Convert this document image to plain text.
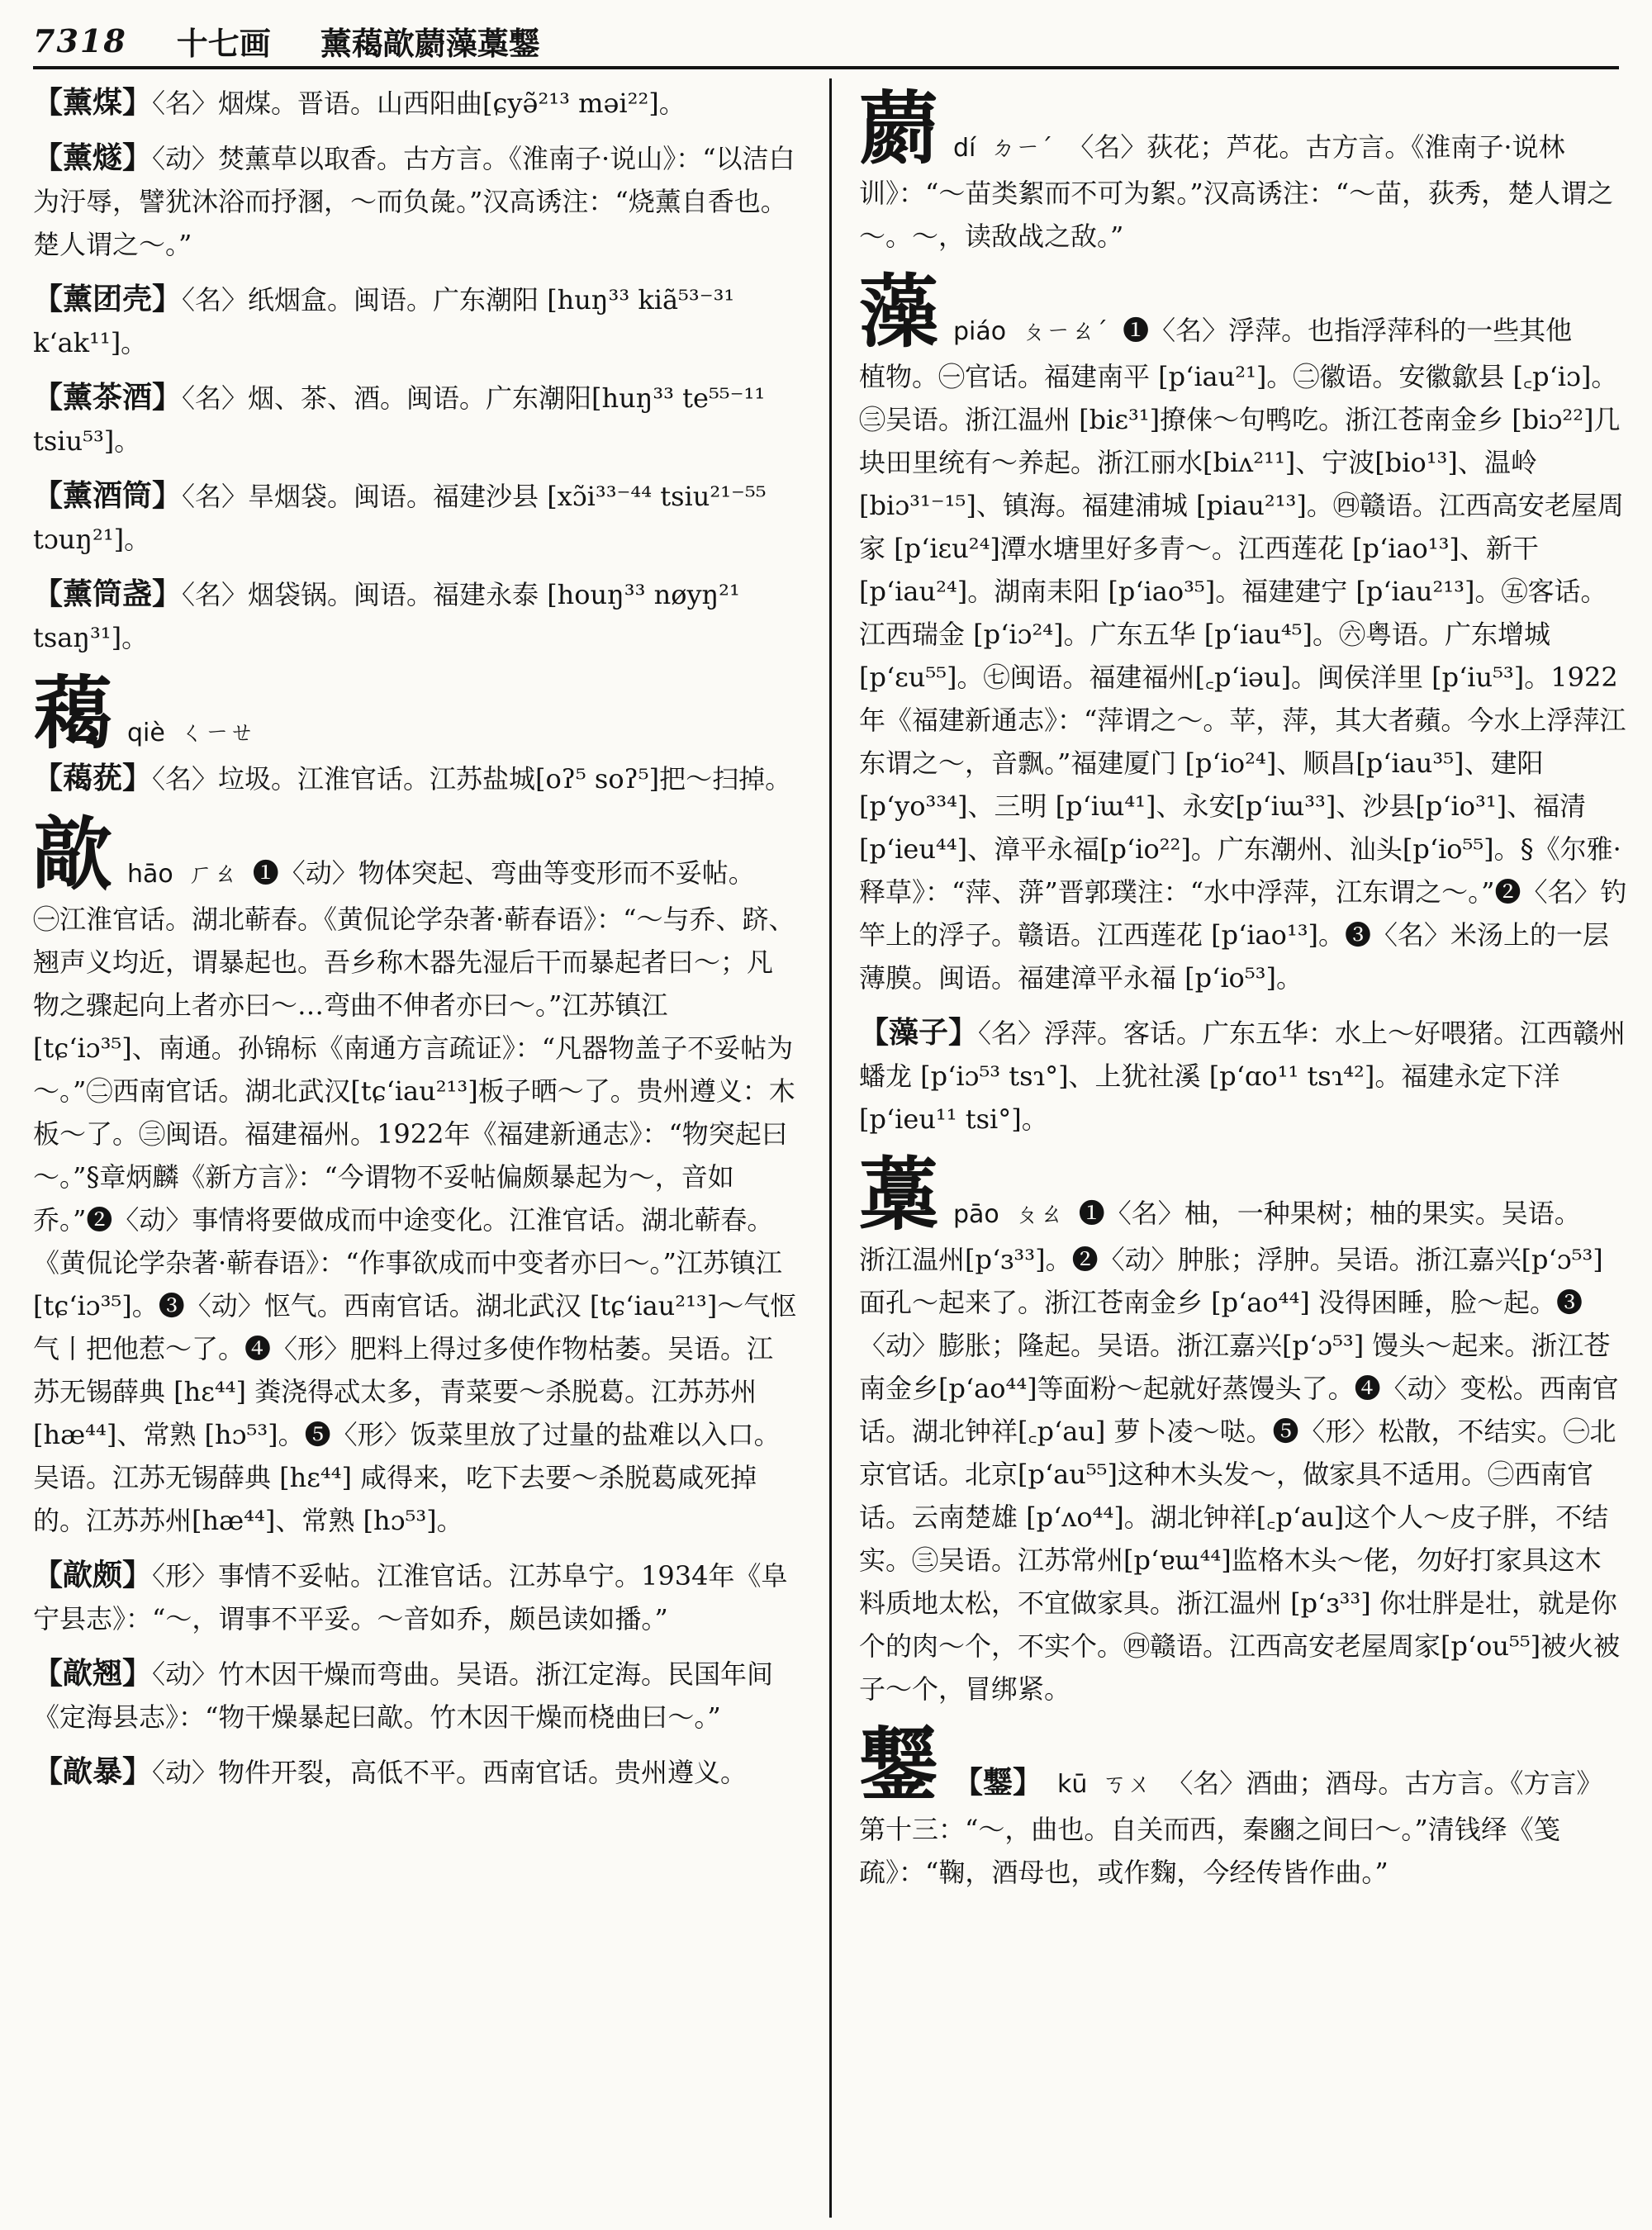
7318 十七画 薰藒歊蘮藻藁鑋
【薰煤】〈名〉烟煤。晋语。山西阳曲[ɕyə̃²¹³ məi²²]。
【薰燧】〈动〉焚薰草以取香。古方言。《淮南子·说山》：“以洁白为汙辱，譬犹沐浴而抒溷，～而负彘。”汉高诱注：“烧薰自香也。楚人谓之～。”
【薰团壳】〈名〉纸烟盒。闽语。广东潮阳 [huŋ³³ kiã⁵³⁻³¹ k‘ak¹¹]。
【薰茶酒】〈名〉烟、茶、酒。闽语。广东潮阳[huŋ³³ te⁵⁵⁻¹¹ tsiu⁵³]。
【薰酒筒】〈名〉旱烟袋。闽语。福建沙县 [xɔ̃i³³⁻⁴⁴ tsiu²¹⁻⁵⁵ tɔuŋ²¹]。
【薰筒盏】〈名〉烟袋锅。闽语。福建永泰 [houŋ³³ nøyŋ²¹ tsaŋ³¹]。
藒 qiè ㄑㄧㄝ
【藒莸】〈名〉垃圾。江淮官话。江苏盐城[oʔ⁵ soʔ⁵]把～扫掉。
歊 hāo ㄏㄠ ❶〈动〉物体突起、弯曲等变形而不妥帖。
㊀江淮官话。湖北蕲春。《黄侃论学杂著·蕲春语》：“～与乔、跻、翘声义均近，谓暴起也。吾乡称木器先湿后干而暴起者曰～；凡物之骤起向上者亦曰～…弯曲不伸者亦曰～。”江苏镇江 [tɕ‘iɔ³⁵]、南通。孙锦标《南通方言疏证》：“凡器物盖子不妥帖为～。”㊁西南官话。湖北武汉[tɕ‘iau²¹³]板子晒～了。贵州遵义：木板～了。㊂闽语。福建福州。1922年《福建新通志》：“物突起曰～。”§章炳麟《新方言》：“今谓物不妥帖偏颇暴起为～，音如乔。”❷〈动〉事情将要做成而中途变化。江淮官话。湖北蕲春。《黄侃论学杂著·蕲春语》：“作事欲成而中变者亦曰～。”江苏镇江 [tɕ‘iɔ³⁵]。❸〈动〉怄气。西南官话。湖北武汉 [tɕ‘iau²¹³]～气怄气丨把他惹～了。❹〈形〉肥料上得过多使作物枯萎。吴语。江苏无锡薛典 [hɛ⁴⁴] 粪浇得忒太多，青菜要～杀脱葛。江苏苏州 [hæ⁴⁴]、常熟 [hɔ⁵³]。❺〈形〉饭菜里放了过量的盐难以入口。吴语。江苏无锡薛典 [hɛ⁴⁴] 咸得来，吃下去要～杀脱葛咸死掉的。江苏苏州[hæ⁴⁴]、常熟 [hɔ⁵³]。
【歊颇】〈形〉事情不妥帖。江淮官话。江苏阜宁。1934年《阜宁县志》：“～，谓事不平妥。～音如乔，颇邑读如播。”
【歊翘】〈动〉竹木因干燥而弯曲。吴语。浙江定海。民国年间《定海县志》：“物干燥暴起曰歊。竹木因干燥而桡曲曰～。”
【歊暴】〈动〉物件开裂，高低不平。西南官话。贵州遵义。
蘮 dí ㄉㄧˊ 〈名〉荻花；芦花。古方言。《淮南子·说林
训》：“～苗类絮而不可为絮。”汉高诱注：“～苗，荻秀，楚人谓之～。～，读敌战之敌。”
藻 piáo ㄆㄧㄠˊ ❶〈名〉浮萍。也指浮萍科的一些其他
植物。㊀官话。福建南平 [p‘iau²¹]。㊁徽语。安徽歙县 [꜀p‘iɔ]。㊂吴语。浙江温州 [biɛ³¹]撩俫～句鸭吃。浙江苍南金乡 [biɔ²²]几块田里统有～养起。浙江丽水[biʌ²¹¹]、宁波[bio¹³]、温岭[biɔ³¹⁻¹⁵]、镇海。福建浦城 [piau²¹³]。㊃赣语。江西高安老屋周家 [p‘iɛu²⁴]潭水塘里好多青～。江西莲花 [p‘iao¹³]、新干 [p‘iau²⁴]。湖南耒阳 [p‘iao³⁵]。福建建宁 [p‘iau²¹³]。㊄客话。江西瑞金 [p‘iɔ²⁴]。广东五华 [p‘iau⁴⁵]。㊅粤语。广东增城 [p‘ɛu⁵⁵]。㊆闽语。福建福州[꜀p‘iəu]。闽侯洋里 [p‘iu⁵³]。1922年《福建新通志》：“萍谓之～。苹，萍，其大者蘋。今水上浮萍江东谓之～，音飘。”福建厦门 [p‘io²⁴]、顺昌[p‘iau³⁵]、建阳 [p‘yo³³⁴]、三明 [p‘iɯ⁴¹]、永安[p‘iɯ³³]、沙县[p‘io³¹]、福清 [p‘ieu⁴⁴]、漳平永福[p‘io²²]。广东潮州、汕头[p‘io⁵⁵]。§《尔雅·释草》：“萍、蓱”晋郭璞注：“水中浮萍，江东谓之～。”❷〈名〉钓竿上的浮子。赣语。江西莲花 [p‘iao¹³]。❸〈名〉米汤上的一层薄膜。闽语。福建漳平永福 [p‘io⁵³]。
【藻子】〈名〉浮萍。客话。广东五华：水上～好喂猪。江西赣州蟠龙 [p‘iɔ⁵³ tsɿ°]、上犹社溪 [p‘ɑo¹¹ tsɿ⁴²]。福建永定下洋 [p‘ieu¹¹ tsi°]。
藁 pāo ㄆㄠ ❶〈名〉柚，一种果树；柚的果实。吴语。
浙江温州[p‘ɜ³³]。❷〈动〉肿胀；浮肿。吴语。浙江嘉兴[p‘ɔ⁵³]面孔～起来了。浙江苍南金乡 [p‘ao⁴⁴] 没得困睡，脸～起。❸〈动〉膨胀；隆起。吴语。浙江嘉兴[p‘ɔ⁵³] 馒头～起来。浙江苍南金乡[p‘ao⁴⁴]等面粉～起就好蒸馒头了。❹〈动〉变松。西南官话。湖北钟祥[꜀p‘au] 萝卜凌～哒。❺〈形〉松散，不结实。㊀北京官话。北京[p‘au⁵⁵]这种木头发～，做家具不适用。㊁西南官话。云南楚雄 [p‘ʌo⁴⁴]。湖北钟祥[꜀p‘au]这个人～皮子胖，不结实。㊂吴语。江苏常州[p‘ɐɯ⁴⁴]监格木头～佬，勿好打家具这木料质地太松，不宜做家具。浙江温州 [p‘ɜ³³] 你壮胖是壮，就是你个的肉～个，不实个。㊃赣语。江西高安老屋周家[p‘ou⁵⁵]被火被子～个，冒绑紧。
鑋 【鑋】 kū ㄎㄨ 〈名〉酒曲；酒母。古方言。《方言》
第十三：“～，曲也。自关而西，秦豳之间曰～。”清钱绎《笺疏》：“鞠，酒母也，或作麴，今经传皆作曲。”
